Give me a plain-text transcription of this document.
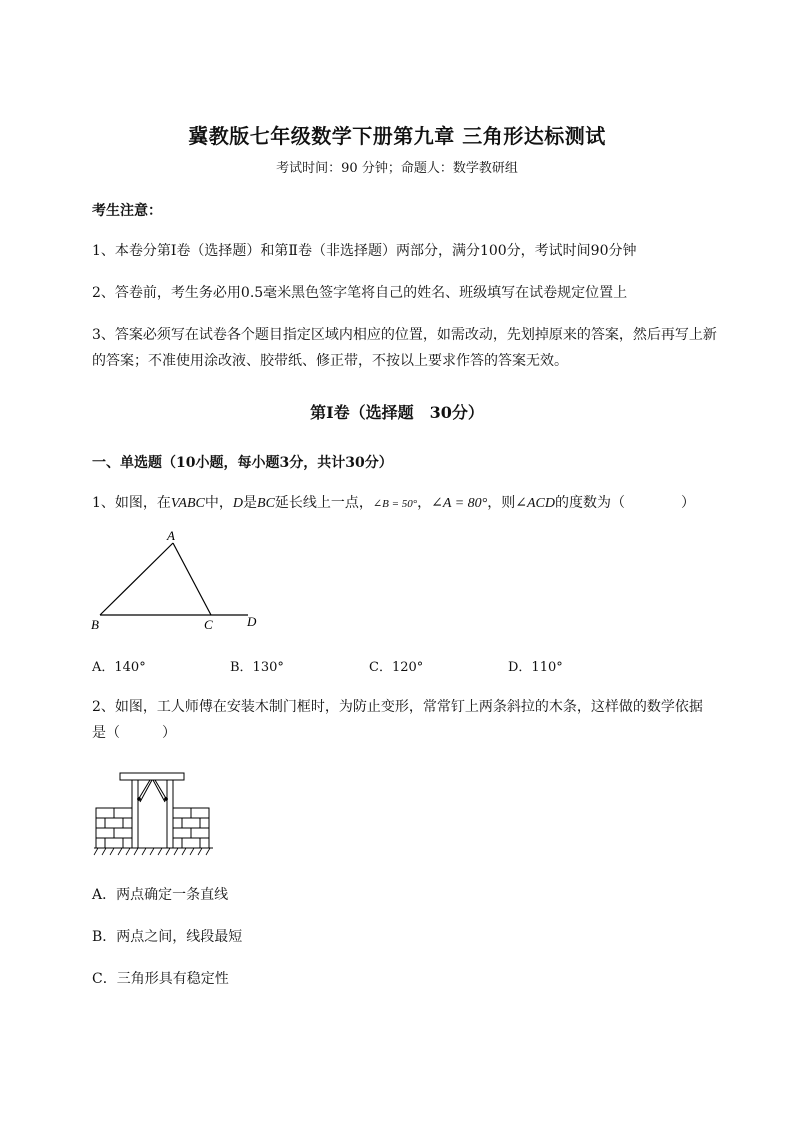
冀教版七年级数学下册第九章 三角形达标测试
考试时间：90 分钟；命题人：数学教研组
考生注意：
1、本卷分第Ⅰ卷（选择题）和第Ⅱ卷（非选择题）两部分，满分100分，考试时间90分钟
2、答卷前，考生务必用0.5毫米黑色签字笔将自己的姓名、班级填写在试卷规定位置上
3、答案必须写在试卷各个题目指定区域内相应的位置，如需改动，先划掉原来的答案，然后再写上新
的答案；不准使用涂改液、胶带纸、修正带，不按以上要求作答的答案无效。
第Ⅰ卷（选择题　30分）
一、单选题（10小题，每小题3分，共计30分）
1、如图，在VABC中，D是BC延长线上一点，∠B = 50°，∠A = 80°，则∠ACD的度数为（　　　　）
A
B	C	D
A．140°	B．130°	C．120°	D．110°
2、如图，工人师傅在安装木制门框时，为防止变形，常常钉上两条斜拉的木条，这样做的数学依据
是（　　　）
A．两点确定一条直线
B．两点之间，线段最短
C．三角形具有稳定性
